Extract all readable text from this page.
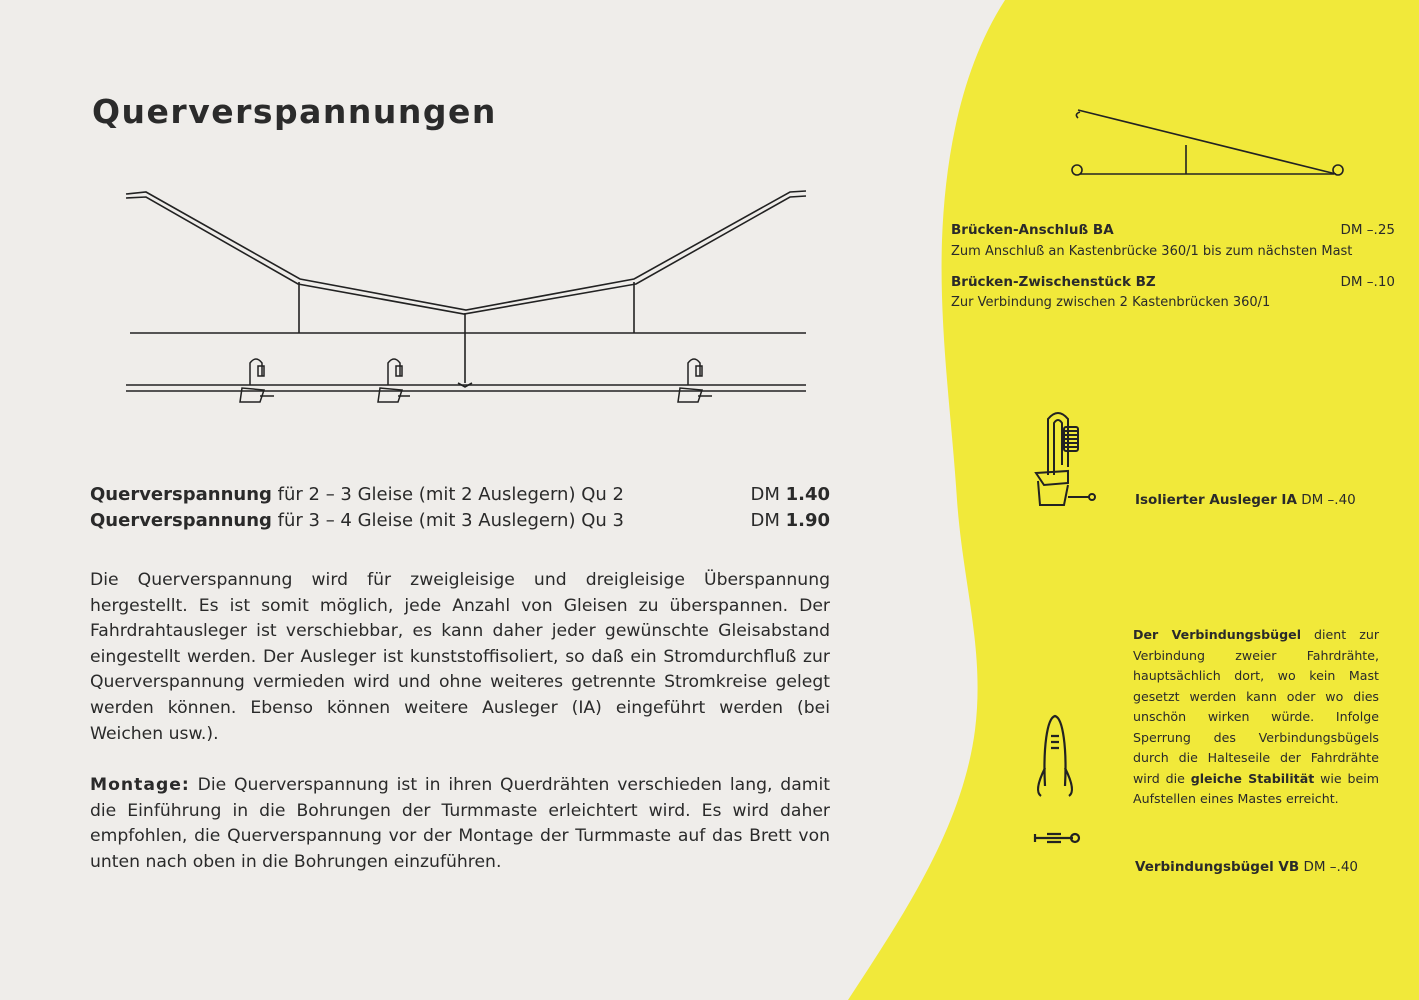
Querverspannungen
Querverspannung für 2 – 3 Gleise (mit 2 Auslegern) Qu 2	DM 1.40
Querverspannung für 3 – 4 Gleise (mit 3 Auslegern) Qu 3	DM 1.90
Die Querverspannung wird für zweigleisige und dreigleisige Überspannung hergestellt. Es ist somit möglich, jede Anzahl von Gleisen zu überspannen. Der Fahrdrahtausleger ist verschiebbar, es kann daher jeder gewünschte Gleisabstand eingestellt werden. Der Ausleger ist kunststoffisoliert, so daß ein Stromdurchfluß zur Querverspannung vermieden wird und ohne weiteres getrennte Stromkreise gelegt werden können. Ebenso können weitere Ausleger (IA) eingeführt werden (bei Weichen usw.).
Montage: Die Querverspannung ist in ihren Querdrähten verschieden lang, damit die Einführung in die Bohrungen der Turmmaste erleichtert wird. Es wird daher empfohlen, die Querverspannung vor der Montage der Turmmaste auf das Brett von unten nach oben in die Bohrungen einzuführen.
Brücken-Anschluß BA	DM –.25
Zum Anschluß an Kastenbrücke 360/1 bis zum nächsten Mast
Brücken-Zwischenstück BZ	DM –.10
Zur Verbindung zwischen 2 Kastenbrücken 360/1
Isolierter Ausleger IA DM –.40
Der Verbindungsbügel dient zur Verbindung zweier Fahrdrähte, hauptsächlich dort, wo kein Mast gesetzt werden kann oder wo dies unschön wirken würde. Infolge Sperrung des Verbindungsbügels durch die Halteseile der Fahrdrähte wird die gleiche Stabilität wie beim Aufstellen eines Mastes erreicht.
Verbindungsbügel VB DM –.40
